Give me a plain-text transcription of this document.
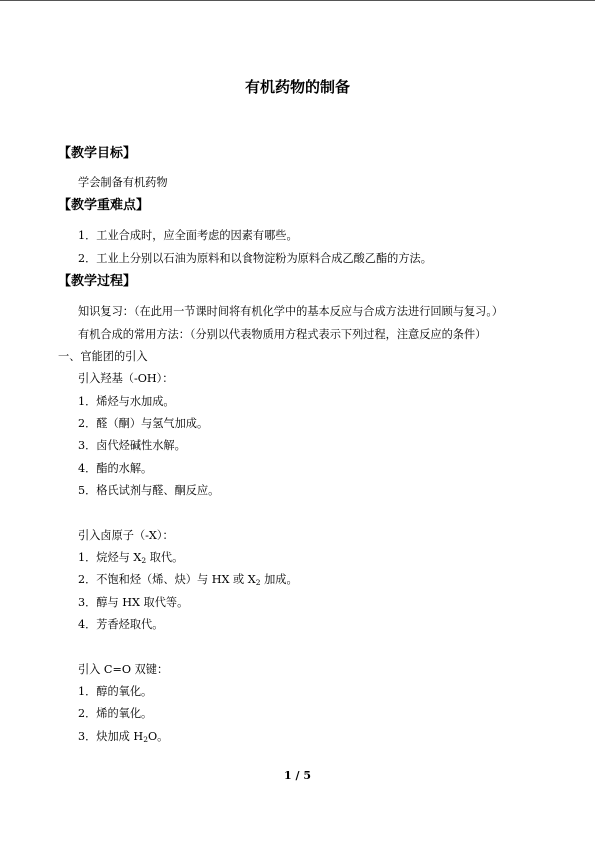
有机药物的制备
【教学目标】
学会制备有机药物
【教学重难点】
1．工业合成时，应全面考虑的因素有哪些。
2．工业上分别以石油为原料和以食物淀粉为原料合成乙酸乙酯的方法。
【教学过程】
知识复习：（在此用一节课时间将有机化学中的基本反应与合成方法进行回顾与复习。）
有机合成的常用方法：（分别以代表物质用方程式表示下列过程，注意反应的条件）
一、官能团的引入
引入羟基（-OH）：
1．烯烃与水加成。
2．醛（酮）与氢气加成。
3．卤代烃碱性水解。
4．酯的水解。
5．格氏试剂与醛、酮反应。
引入卤原子（-X）：
1．烷烃与 $X_2$ 取代。
2．不饱和烃（烯、炔）与 HX 或 $X_2$ 加成。
3．醇与 HX 取代等。
4．芳香烃取代。
引入 C=O 双键：
1．醇的氧化。
2．烯的氧化。
3．炔加成 $H_2O$。
1 / 5
